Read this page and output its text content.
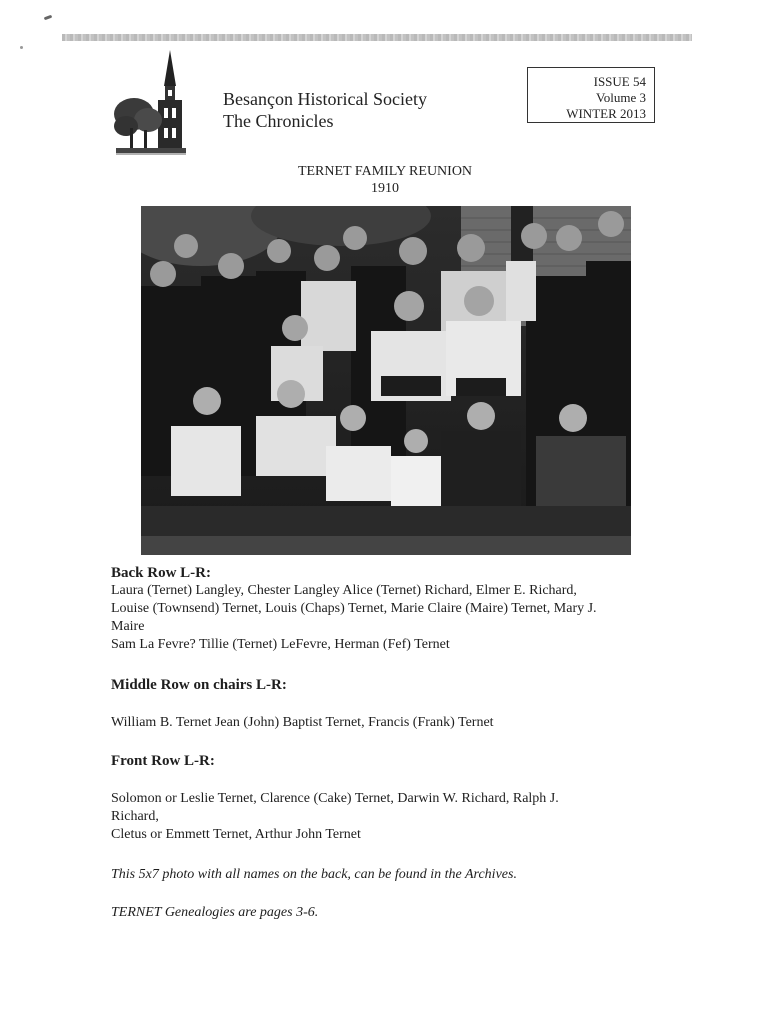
Besançon Historical Society
The Chronicles
ISSUE 54
Volume 3
WINTER 2013
TERNET FAMILY REUNION
1910
Back Row L-R:
Laura (Ternet) Langley, Chester Langley Alice (Ternet) Richard, Elmer E. Richard,
Louise (Townsend) Ternet, Louis (Chaps) Ternet, Marie Claire (Maire) Ternet, Mary J.
Maire
Sam La Fevre? Tillie (Ternet) LeFevre, Herman (Fef) Ternet
Middle Row on chairs L-R:
William B. Ternet Jean (John) Baptist Ternet, Francis (Frank) Ternet
Front Row L-R:
Solomon or Leslie Ternet, Clarence (Cake) Ternet, Darwin W. Richard, Ralph J.
Richard,
Cletus or Emmett Ternet, Arthur John Ternet
This 5x7 photo with all names on the back, can be found in the Archives.
TERNET Genealogies are pages 3-6.
